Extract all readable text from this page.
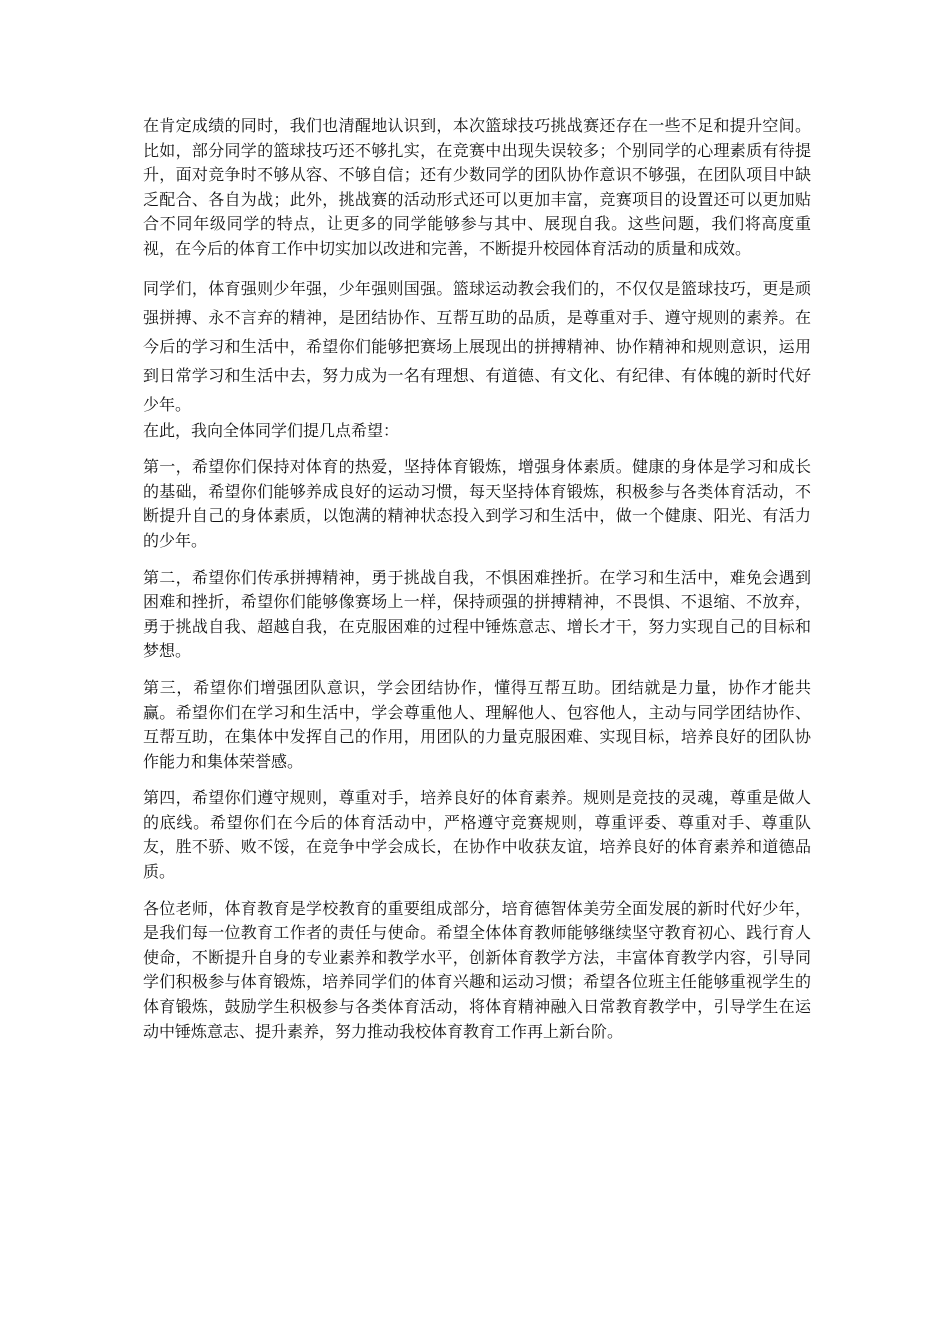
在肯定成绩的同时，我们也清醒地认识到，本次篮球技巧挑战赛还存在一些不足和提升空间。比如，部分同学的篮球技巧还不够扎实，在竞赛中出现失误较多；个别同学的心理素质有待提升，面对竞争时不够从容、不够自信；还有少数同学的团队协作意识不够强，在团队项目中缺乏配合、各自为战；此外，挑战赛的活动形式还可以更加丰富，竞赛项目的设置还可以更加贴合不同年级同学的特点，让更多的同学能够参与其中、展现自我。这些问题，我们将高度重视，在今后的体育工作中切实加以改进和完善，不断提升校园体育活动的质量和成效。

同学们，体育强则少年强，少年强则国强。篮球运动教会我们的，不仅仅是篮球技巧，更是顽强拼搏、永不言弃的精神，是团结协作、互帮互助的品质，是尊重对手、遵守规则的素养。在今后的学习和生活中，希望你们能够把赛场上展现出的拼搏精神、协作精神和规则意识，运用到日常学习和生活中去，努力成为一名有理想、有道德、有文化、有纪律、有体魄的新时代好少年。

在此，我向全体同学们提几点希望：

第一，希望你们保持对体育的热爱，坚持体育锻炼，增强身体素质。健康的身体是学习和成长的基础，希望你们能够养成良好的运动习惯，每天坚持体育锻炼，积极参与各类体育活动，不断提升自己的身体素质，以饱满的精神状态投入到学习和生活中，做一个健康、阳光、有活力的少年。

第二，希望你们传承拼搏精神，勇于挑战自我，不惧困难挫折。在学习和生活中，难免会遇到困难和挫折，希望你们能够像赛场上一样，保持顽强的拼搏精神，不畏惧、不退缩、不放弃，勇于挑战自我、超越自我，在克服困难的过程中锤炼意志、增长才干，努力实现自己的目标和梦想。

第三，希望你们增强团队意识，学会团结协作，懂得互帮互助。团结就是力量，协作才能共赢。希望你们在学习和生活中，学会尊重他人、理解他人、包容他人，主动与同学团结协作、互帮互助，在集体中发挥自己的作用，用团队的力量克服困难、实现目标，培养良好的团队协作能力和集体荣誉感。

第四，希望你们遵守规则，尊重对手，培养良好的体育素养。规则是竞技的灵魂，尊重是做人的底线。希望你们在今后的体育活动中，严格遵守竞赛规则，尊重评委、尊重对手、尊重队友，胜不骄、败不馁，在竞争中学会成长，在协作中收获友谊，培养良好的体育素养和道德品质。

各位老师，体育教育是学校教育的重要组成部分，培育德智体美劳全面发展的新时代好少年，是我们每一位教育工作者的责任与使命。希望全体体育教师能够继续坚守教育初心、践行育人使命，不断提升自身的专业素养和教学水平，创新体育教学方法，丰富体育教学内容，引导同学们积极参与体育锻炼，培养同学们的体育兴趣和运动习惯；希望各位班主任能够重视学生的体育锻炼，鼓励学生积极参与各类体育活动，将体育精神融入日常教育教学中，引导学生在运动中锤炼意志、提升素养，努力推动我校体育教育工作再上新台阶。
